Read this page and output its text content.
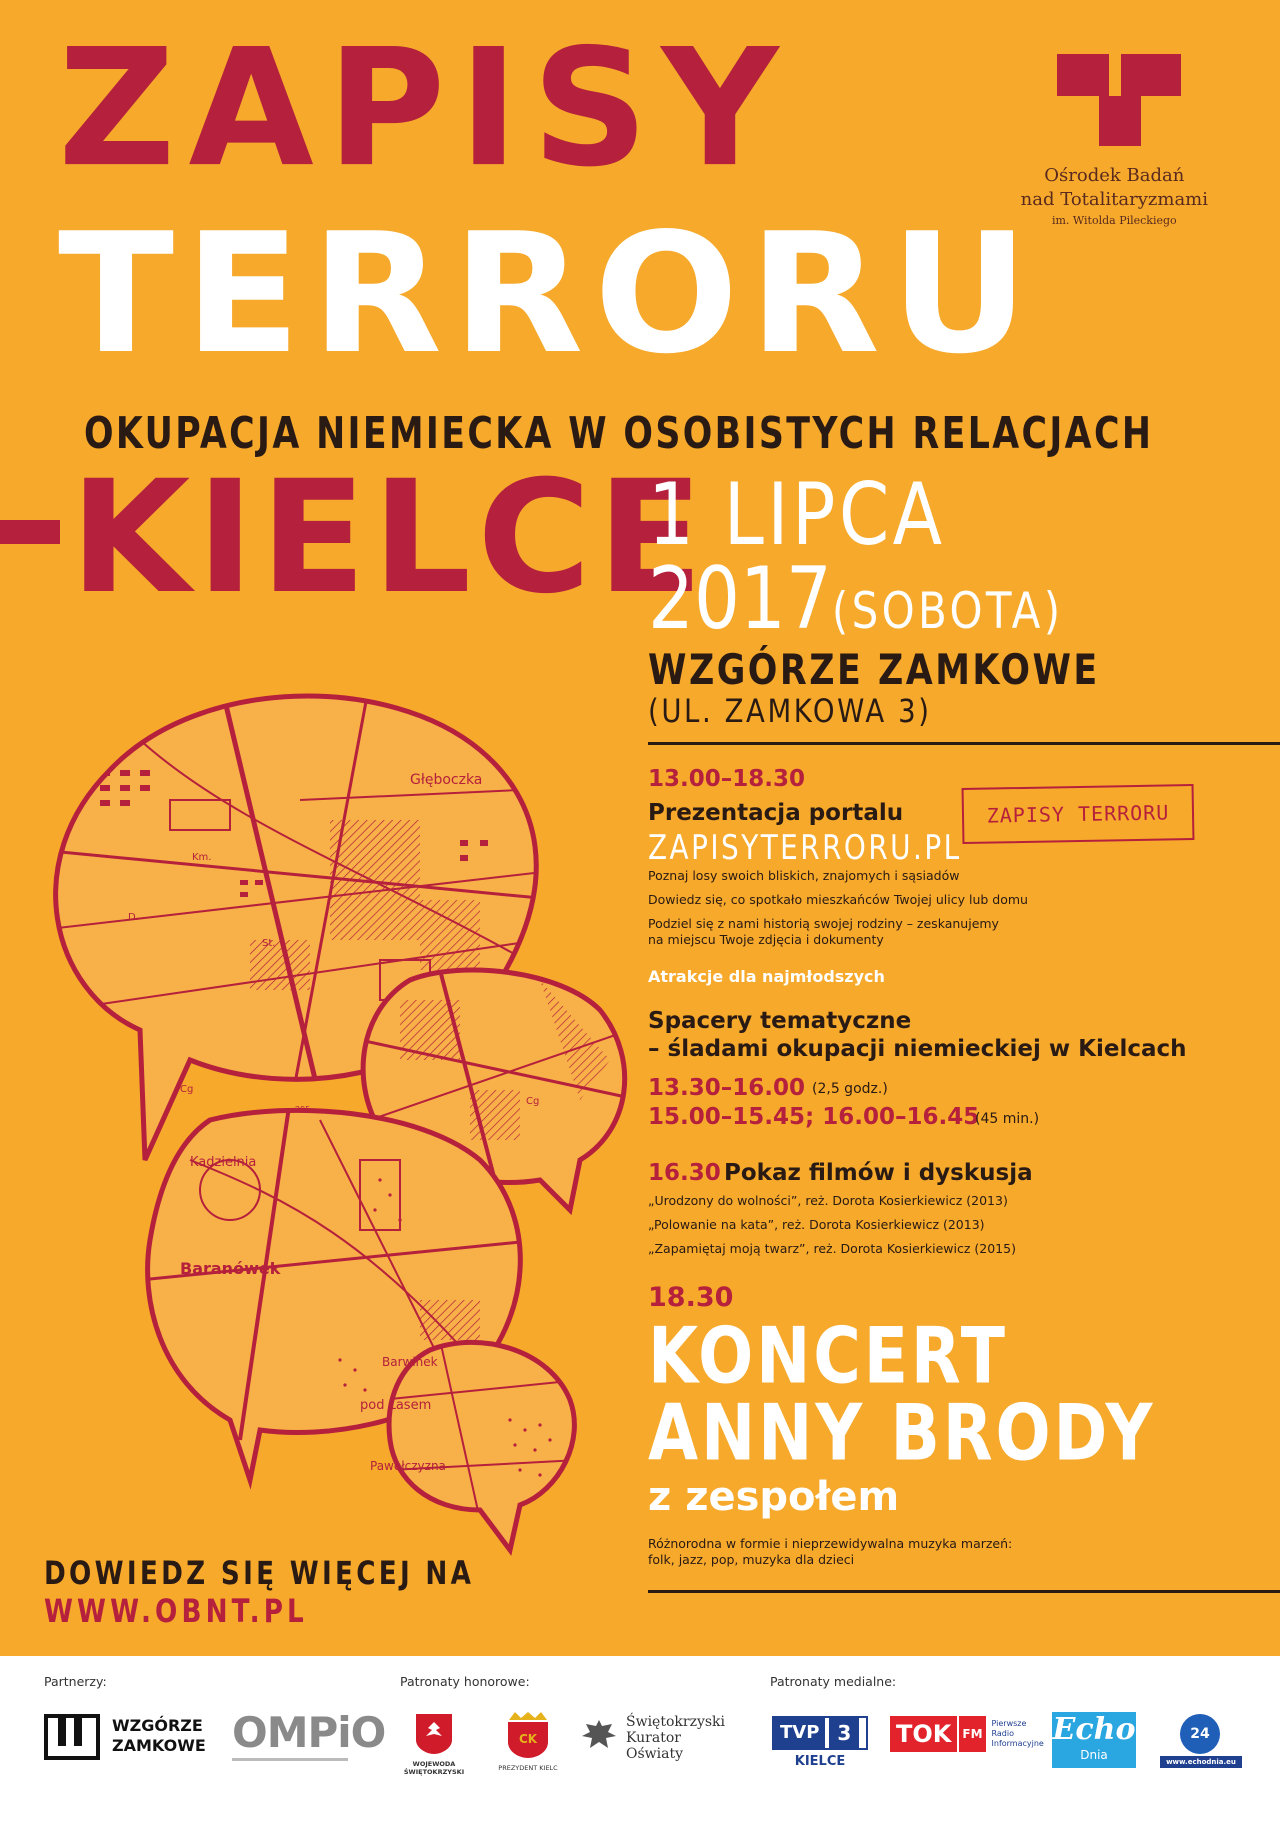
Ośrodek Badań
nad Totalitaryzmami
im. Witolda Pileckiego
ZAPISY
TERRORU
OKUPACJA NIEMIECKA W OSOBISTYCH RELACJACH
KIELCE
1 LIPCA
2017(SOBOTA)
WZGÓRZE ZAMKOWE
(UL. ZAMKOWA 3)
13.00–18.30
Prezentacja portalu	ZAPISY TERRORU
ZAPISYTERRORU.PL
Poznaj losy swoich bliskich, znajomych i sąsiadów
Dowiedz się, co spotkało mieszkańców Twojej ulicy lub domu
Podziel się z nami historią swojej rodziny – zeskanujemy
na miejscu Twoje zdjęcia i dokumenty
Atrakcje dla najmłodszych
Spacery tematyczne
– śladami okupacji niemieckiej w Kielcach
13.30–16.00 (2,5 godz.)
15.00–15.45; 16.00–16.45
(45 min.)
16.30 Pokaz filmów i dyskusja
„Urodzony do wolności”, reż. Dorota Kosierkiewicz (2013)
„Polowanie na kata”, reż. Dorota Kosierkiewicz (2013)
„Zapamiętaj moją twarz”, reż. Dorota Kosierkiewicz (2015)
18.30
KONCERT
ANNY BRODY
z zespołem
Różnorodna w formie i nieprzewidywalna muzyka marzeń:
folk, jazz, pop, muzyka dla dzieci
DOWIEDZ SIĘ WIĘCEJ NA
WWW.OBNT.PL
Głęboczka
Km.
D.
St.
Cg
Cg
295
Kadzielnia
Baranówek
Barwinek
pod Lasem
Pawełczyzna
Partnerzy:	Patronaty honorowe:	Patronaty medialne:
WZGÓRZE
ZAMKOWE OMPiO
WOJEWODA
ŚWIĘTOKRZYSKI
CK
PREZYDENT KIELC
Świętokrzyski
Kurator
Oświaty
TVP 3
KIELCE
TOK FM
Pierwsze
Radio
Informacyjne Echo
Dnia
24
www.echodnia.eu
